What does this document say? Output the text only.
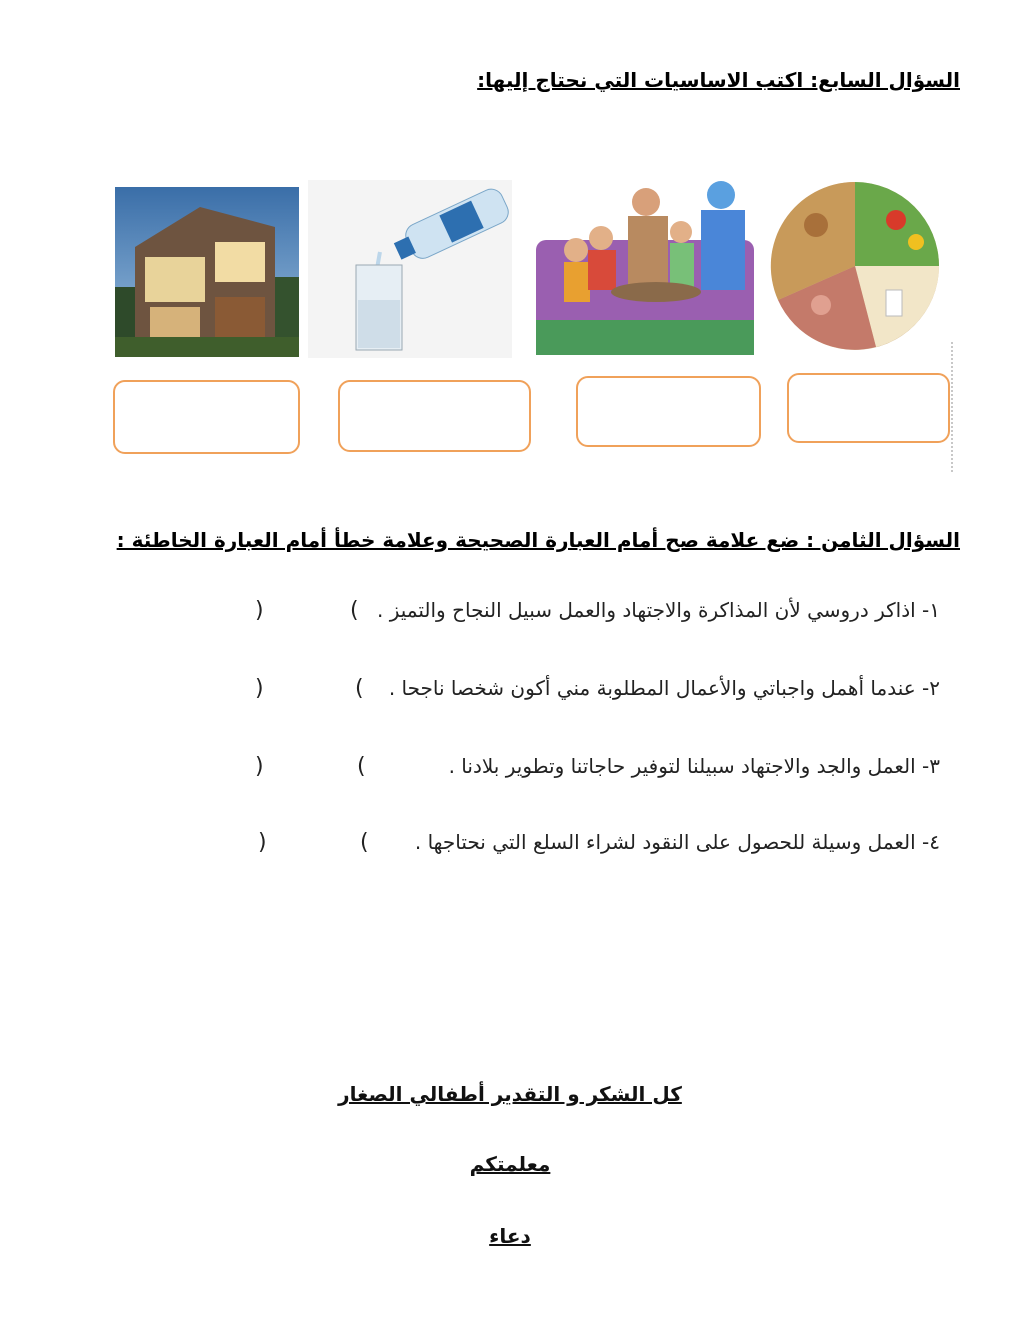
السؤال السابع: اكتب الاساسيات التي نحتاج إليها:
السؤال الثامن : ضع علامة صح أمام العبارة الصحيحة وعلامة خطأ أمام العبارة الخاطئة :
)	( ١- اذاكر دروسي لأن المذاكرة والاجتهاد والعمل سبيل النجاح والتميز .
)	( ٢- عندما أهمل واجباتي والأعمال المطلوبة مني أكون شخصا ناجحا .
)	(	٣- العمل والجد والاجتهاد سبيلنا لتوفير حاجاتنا وتطوير بلادنا .
)	( ٤- العمل وسيلة للحصول على النقود لشراء السلع التي نحتاجها .
كل الشكر و التقدير أطفالي الصغار
معلمتكم
دعاء
